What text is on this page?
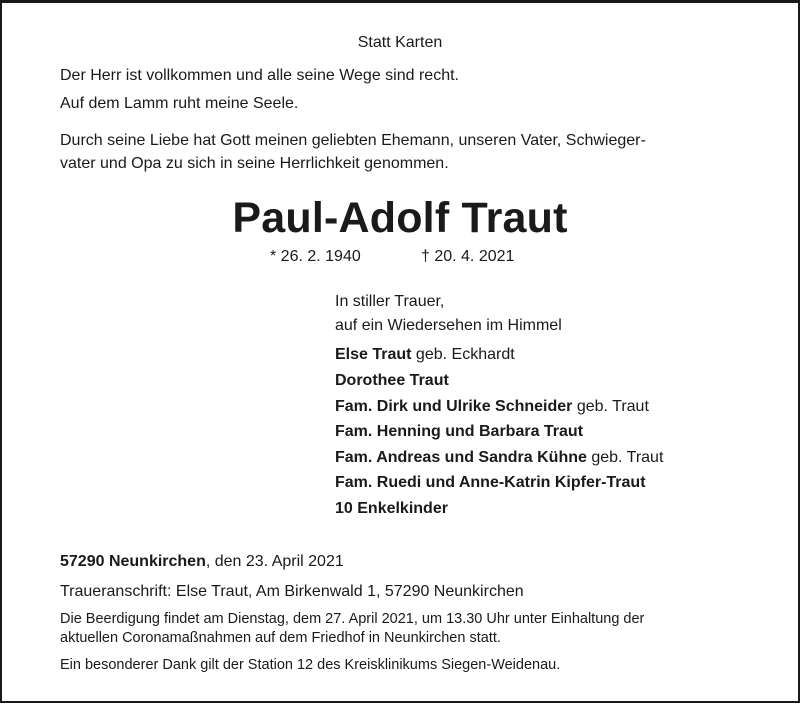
Statt Karten
Der Herr ist vollkommen und alle seine Wege sind recht.
Auf dem Lamm ruht meine Seele.
Durch seine Liebe hat Gott meinen geliebten Ehemann, unseren Vater, Schwieger-
vater und Opa zu sich in seine Herrlichkeit genommen.
Paul-Adolf Traut
* 26. 2. 1940	† 20. 4. 2021
In stiller Trauer,
auf ein Wiedersehen im Himmel
Else Traut geb. Eckhardt
Dorothee Traut
Fam. Dirk und Ulrike Schneider geb. Traut
Fam. Henning und Barbara Traut
Fam. Andreas und Sandra Kühne geb. Traut
Fam. Ruedi und Anne-Katrin Kipfer-Traut
10 Enkelkinder
57290 Neunkirchen, den 23. April 2021
Traueranschrift: Else Traut, Am Birkenwald 1, 57290 Neunkirchen
Die Beerdigung findet am Dienstag, dem 27. April 2021, um 13.30 Uhr unter Einhaltung der
aktuellen Coronamaßnahmen auf dem Friedhof in Neunkirchen statt.
Ein besonderer Dank gilt der Station 12 des Kreisklinikums Siegen-Weidenau.
